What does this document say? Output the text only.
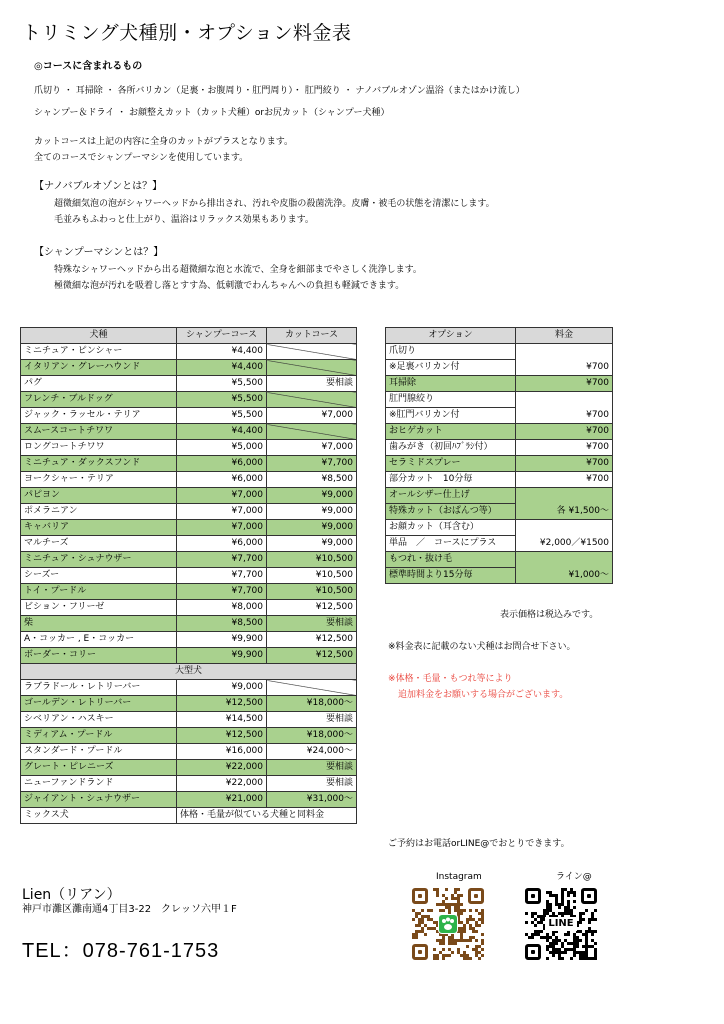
トリミング犬種別・オプション料金表
◎コースに含まれるもの
爪切り ・ 耳掃除 ・ 各所バリカン（足裏・お腹周り・肛門周り）・ 肛門絞り ・ ナノバブルオゾン温浴（またはかけ流し）
シャンプー＆ドライ ・ お顔整えカット（カット犬種）orお尻カット（シャンプー犬種）
カットコースは上記の内容に全身のカットがプラスとなります。
全てのコースでシャンプーマシンを使用しています。
【ナノバブルオゾンとは？】
超微細気泡の泡がシャワーヘッドから排出され、汚れや皮脂の殺菌洗浄。皮膚・被毛の状態を清潔にします。
毛並みもふわっと仕上がり、温浴はリラックス効果もあります。
【シャンプーマシンとは？】
特殊なシャワーヘッドから出る超微細な泡と水流で、全身を細部までやさしく洗浄します。
極微細な泡が汚れを吸着し落とすす為、低刺激でわんちゃんへの負担も軽減できます。
犬種	シャンプーコース	カットコース
ミニチュア・ピンシャー	¥4,400	
イタリアン・グレーハウンド	¥4,400	
パグ	¥5,500	要相談
フレンチ・ブルドッグ	¥5,500	
ジャック・ラッセル・テリア	¥5,500	¥7,000
スムースコートチワワ	¥4,400	
ロングコートチワワ	¥5,000	¥7,000
ミニチュア・ダックスフンド	¥6,000	¥7,700
ヨークシャー・テリア	¥6,000	¥8,500
パピヨン	¥7,000	¥9,000
ポメラニアン	¥7,000	¥9,000
キャバリア	¥7,000	¥9,000
マルチーズ	¥6,000	¥9,000
ミニチュア・シュナウザー	¥7,700	¥10,500
シーズー	¥7,700	¥10,500
トイ・プードル	¥7,700	¥10,500
ビション・フリーゼ	¥8,000	¥12,500
柴	¥8,500	要相談
A・コッカー , E・コッカー	¥9,900	¥12,500
ボーダー・コリー	¥9,900	¥12,500
大型犬		
ラブラドール・レトリーバー	¥9,000	
ゴールデン・レトリーバー	¥12,500	¥18,000〜
シベリアン・ハスキー	¥14,500	要相談
ミディアム・プードル	¥12,500	¥18,000〜
スタンダード・プードル	¥16,000	¥24,000〜
グレート・ピレニーズ	¥22,000	要相談
ニューファンドランド	¥22,000	要相談
ジャイアント・シュナウザー	¥21,000	¥31,000〜
ミックス犬	体格・毛量が似ている犬種と同料金	
オプション	料金
爪切り	¥700
※足裏バリカン付	
耳掃除	¥700
肛門腺絞り	¥700
※肛門バリカン付	
おヒゲカット	¥700
歯みがき（初回ﾊﾌﾞﾗｼ付）	¥700
セラミドスプレー	¥700
部分カット　10分毎	¥700
オールシザー仕上げ	各 ¥1,500〜
特殊カット（おぱんつ等）	
お顔カット（耳含む）	¥2,000／¥1500
単品　／　コースにプラス	
もつれ・抜け毛	¥1,000〜
標準時間より15分毎	
表示価格は税込みです。
※料金表に記載のない犬種はお問合せ下さい。
※体格・毛量・もつれ等により
追加料金をお願いする場合がございます。
ご予約はお電話orLINE@でおとりできます。
Lien（リアン）
神戸市灘区灘南通4丁目3-22　クレッソ六甲１F
TEL：078-761-1753
Instagram	ライン@
LINE
